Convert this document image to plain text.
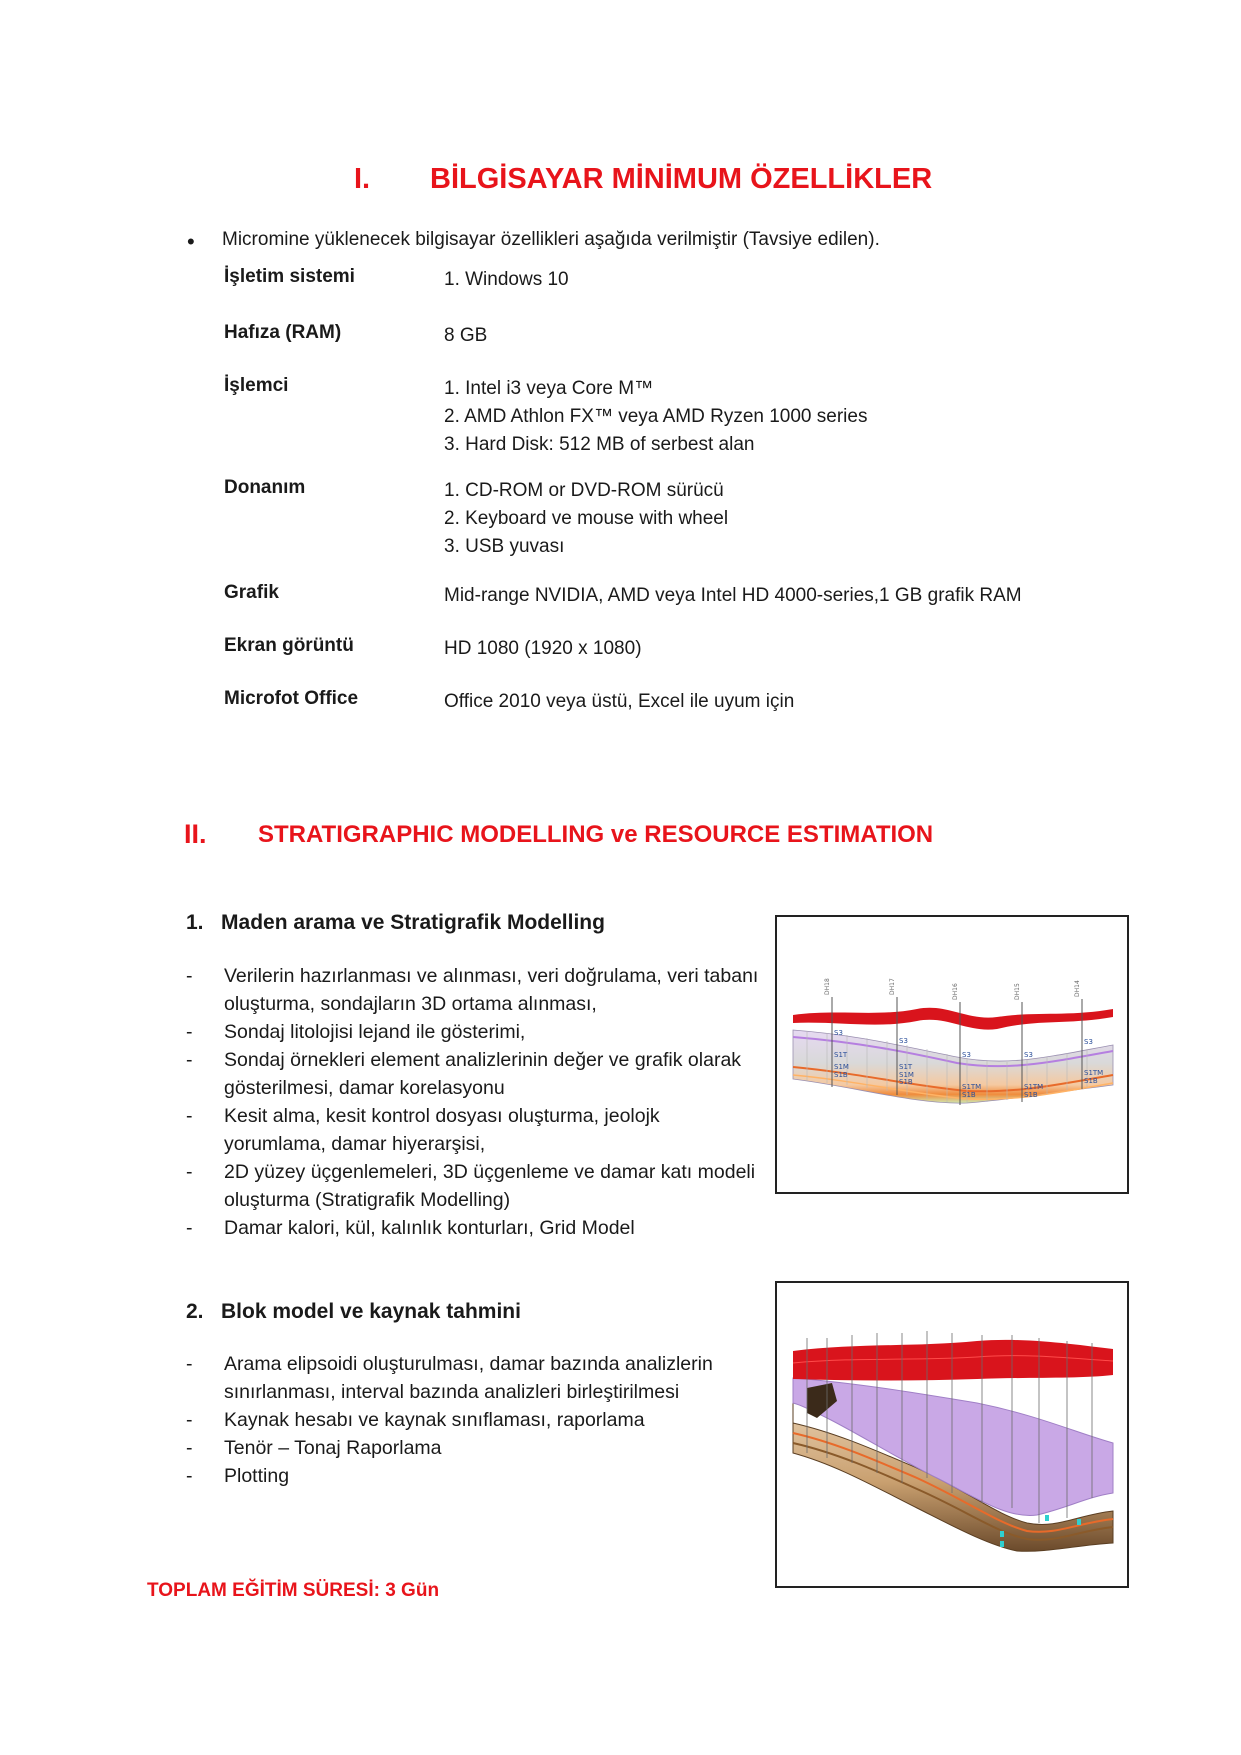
I. BİLGİSAYAR MİNİMUM ÖZELLİKLER
• Micromine yüklenecek bilgisayar özellikleri aşağıda verilmiştir (Tavsiye edilen).
İşletim sistemi	1. Windows 10
Hafıza (RAM)	8 GB
İşlemci	1. Intel i3 veya Core M™
2. AMD Athlon FX™ veya AMD Ryzen 1000 series
3. Hard Disk: 512 MB of serbest alan
Donanım	1. CD-ROM or DVD-ROM sürücü
2. Keyboard ve mouse with wheel
3. USB yuvası
Grafik	Mid-range NVIDIA, AMD veya Intel HD 4000-series,1 GB grafik RAM
Ekran görüntü	HD 1080 (1920 x 1080)
Microfot Office	Office 2010 veya üstü, Excel ile uyum için
II. STRATIGRAPHIC MODELLING ve RESOURCE ESTIMATION
1.   Maden arama ve Stratigrafik Modelling
- Verilerin hazırlanması ve alınması, veri doğrulama, veri tabanı oluşturma, sondajların 3D ortama alınması,
- Sondaj litolojisi lejand ile gösterimi,
- Sondaj örnekleri element analizlerinin değer ve grafik olarak gösterilmesi, damar korelasyonu
- Kesit alma, kesit kontrol dosyası oluşturma, jeolojk yorumlama, damar hiyerarşisi,
- 2D yüzey üçgenlemeleri, 3D üçgenleme ve damar katı modeli oluşturma (Stratigrafik Modelling)
- Damar kalori, kül, kalınlık konturları, Grid Model
DH18	DH17	DH16	DH15	DH14
S3
S1T
S1M
S1B
S3
S1T
S1M
S1B
S3
S1TM
S1B
S3
S1TM
S1B
S3
S1TM
S1B
2.   Blok model ve kaynak tahmini
- Arama elipsoidi oluşturulması, damar bazında analizlerin sınırlanması, interval bazında analizleri birleştirilmesi
- Kaynak hesabı ve kaynak sınıflaması, raporlama
- Tenör – Tonaj Raporlama
- Plotting
TOPLAM EĞİTİM SÜRESİ: 3 Gün
